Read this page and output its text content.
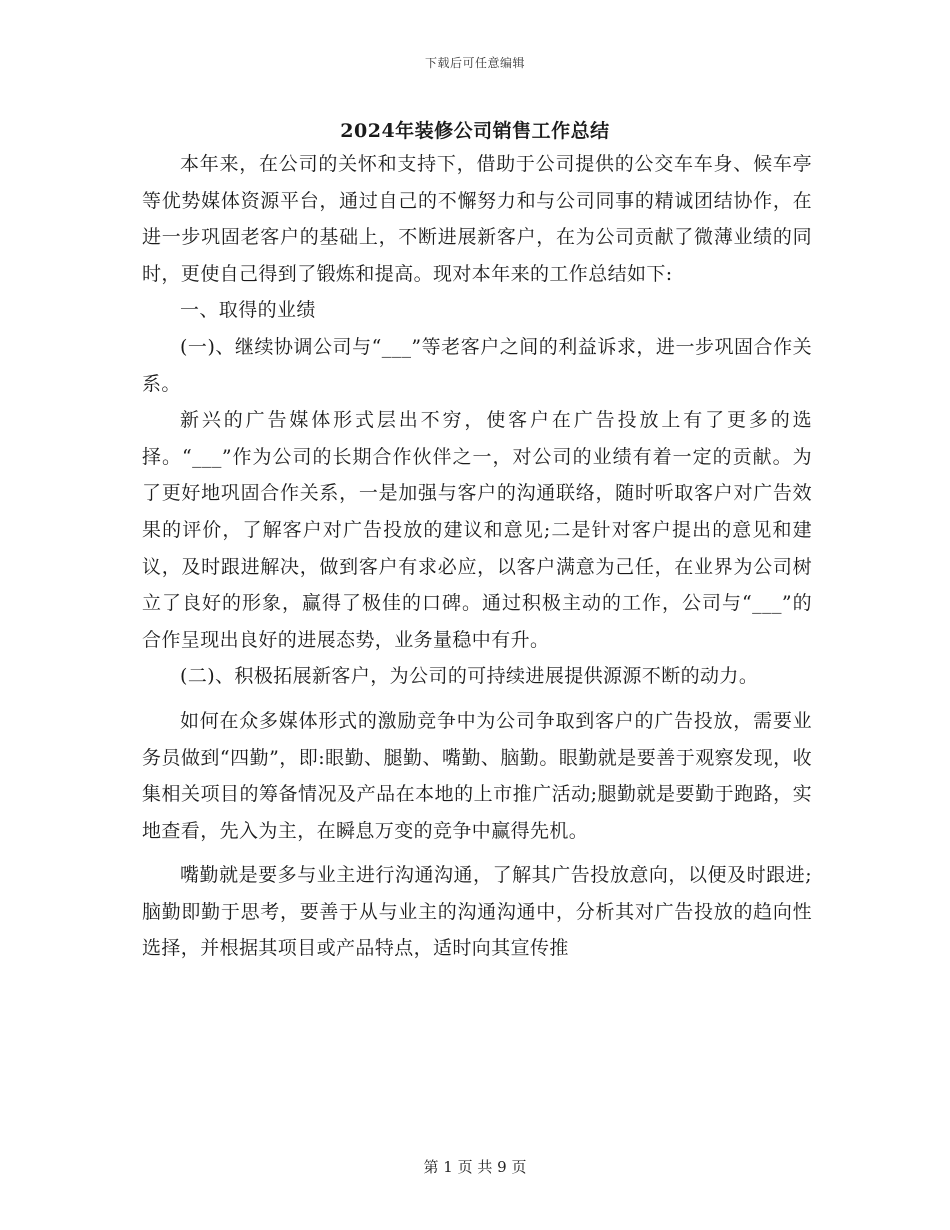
下载后可任意编辑
2024年装修公司销售工作总结

本年来，在公司的关怀和支持下，借助于公司提供的公交车车身、候车亭等优势媒体资源平台，通过自己的不懈努力和与公司同事的精诚团结协作，在进一步巩固老客户的基础上，不断进展新客户，在为公司贡献了微薄业绩的同时，更使自己得到了锻炼和提高。现对本年来的工作总结如下:

一、取得的业绩

(一)、继续协调公司与“___”等老客户之间的利益诉求，进一步巩固合作关系。

新兴的广告媒体形式层出不穷，使客户在广告投放上有了更多的选择。“___”作为公司的长期合作伙伴之一，对公司的业绩有着一定的贡献。为了更好地巩固合作关系，一是加强与客户的沟通联络，随时听取客户对广告效果的评价，了解客户对广告投放的建议和意见;二是针对客户提出的意见和建议，及时跟进解决，做到客户有求必应，以客户满意为己任，在业界为公司树立了良好的形象，赢得了极佳的口碑。通过积极主动的工作，公司与“___”的合作呈现出良好的进展态势，业务量稳中有升。

(二)、积极拓展新客户，为公司的可持续进展提供源源不断的动力。

如何在众多媒体形式的激励竞争中为公司争取到客户的广告投放，需要业务员做到“四勤”，即:眼勤、腿勤、嘴勤、脑勤。眼勤就是要善于观察发现，收集相关项目的筹备情况及产品在本地的上市推广活动;腿勤就是要勤于跑路，实地查看，先入为主，在瞬息万变的竞争中赢得先机。

嘴勤就是要多与业主进行沟通沟通，了解其广告投放意向，以便及时跟进;脑勤即勤于思考，要善于从与业主的沟通沟通中，分析其对广告投放的趋向性选择，并根据其项目或产品特点，适时向其宣传推

第 1 页 共 9 页
